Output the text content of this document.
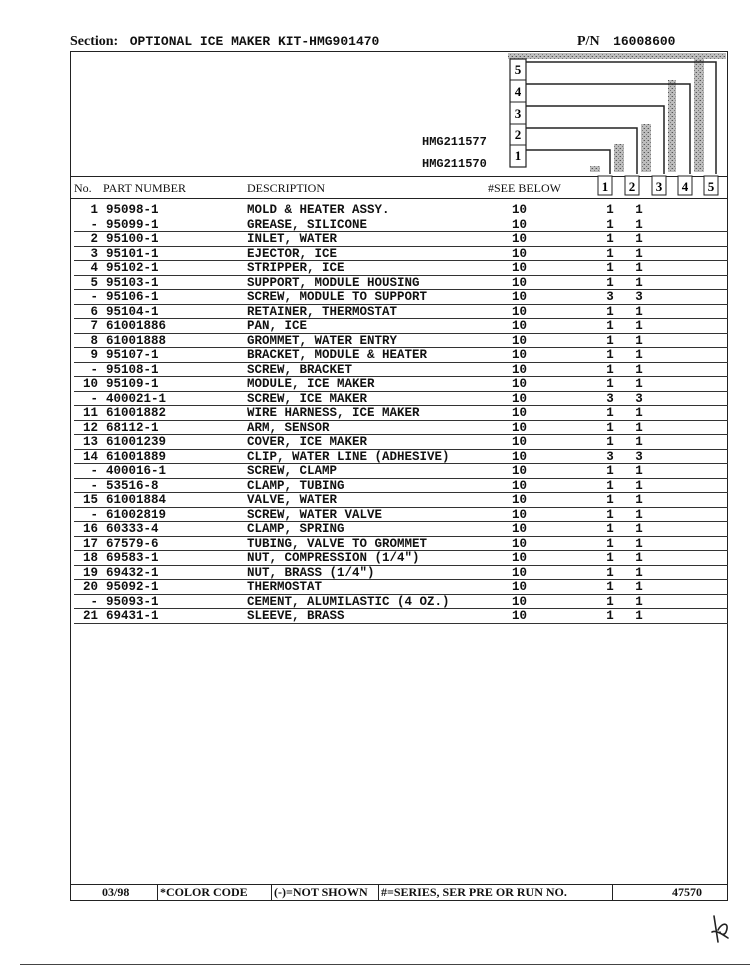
Section: OPTIONAL ICE MAKER KIT-HMG901470	P/N 16008600
HMG211577
HMG211570
5
4
3
2
1
1 2 3 4 5
No. PART NUMBER	DESCRIPTION	#SEE BELOW
1 95098-1	MOLD & HEATER ASSY.	10	1	1
- 95099-1	GREASE, SILICONE	10	1	1
2 95100-1	INLET, WATER	10	1	1
3 95101-1	EJECTOR, ICE	10	1	1
4 95102-1	STRIPPER, ICE	10	1	1
5 95103-1	SUPPORT, MODULE HOUSING	10	1	1
- 95106-1	SCREW, MODULE TO SUPPORT	10	3	3
6 95104-1	RETAINER, THERMOSTAT	10	1	1
7 61001886	PAN, ICE	10	1	1
8 61001888	GROMMET, WATER ENTRY	10	1	1
9 95107-1	BRACKET, MODULE & HEATER	10	1	1
- 95108-1	SCREW, BRACKET	10	1	1
10 95109-1	MODULE, ICE MAKER	10	1	1
- 400021-1	SCREW, ICE MAKER	10	3	3
11 61001882	WIRE HARNESS, ICE MAKER	10	1	1
12 68112-1	ARM, SENSOR	10	1	1
13 61001239	COVER, ICE MAKER	10	1	1
14 61001889	CLIP, WATER LINE (ADHESIVE)	10	3	3
- 400016-1	SCREW, CLAMP	10	1	1
- 53516-8	CLAMP, TUBING	10	1	1
15 61001884	VALVE, WATER	10	1	1
- 61002819	SCREW, WATER VALVE	10	1	1
16 60333-4	CLAMP, SPRING	10	1	1
17 67579-6	TUBING, VALVE TO GROMMET	10	1	1
18 69583-1	NUT, COMPRESSION (1/4")	10	1	1
19 69432-1	NUT, BRASS (1/4")	10	1	1
20 95092-1	THERMOSTAT	10	1	1
- 95093-1	CEMENT, ALUMILASTIC (4 OZ.)	10	1	1
21 69431-1	SLEEVE, BRASS	10	1	1
03/98	*COLOR CODE (-)=NOT SHOWN #=SERIES, SER PRE OR RUN NO.	47570
